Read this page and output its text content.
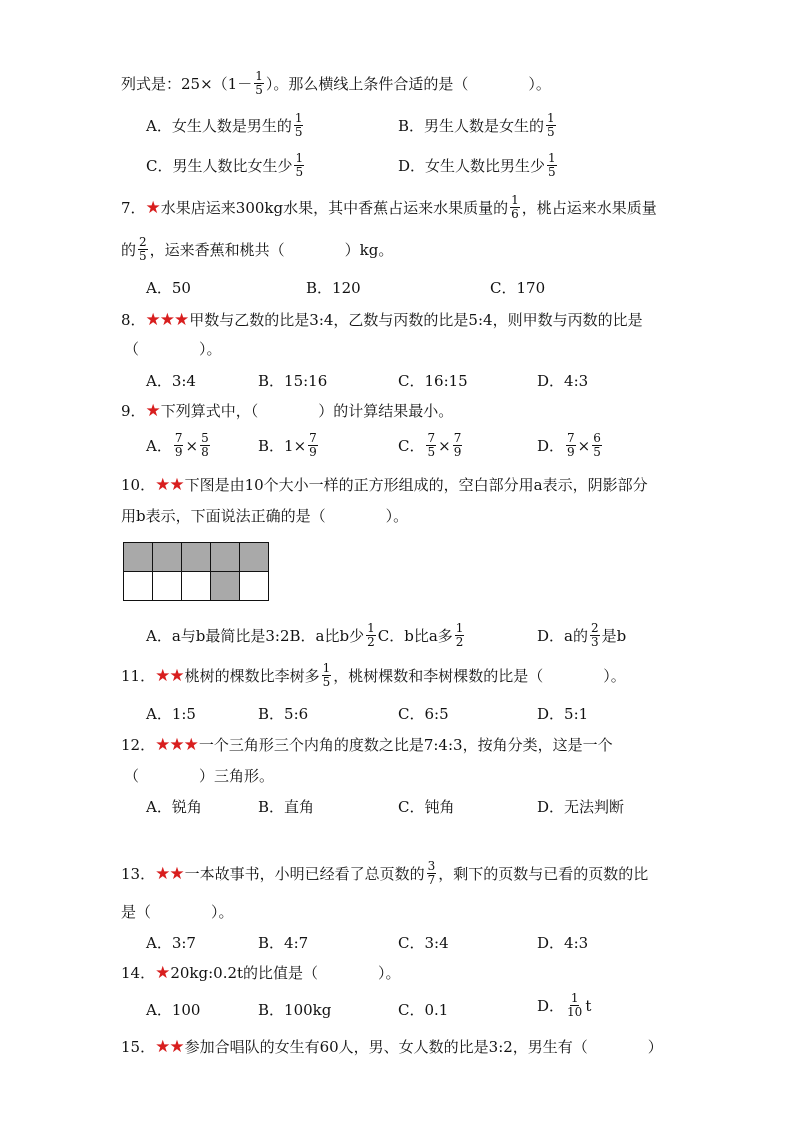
列式是：$25\times(1- \frac{1}{5}$ ）。那么横线上条件合适的是（　　　　）。
A．女生人数是男生的 $\frac{1}{5}$	B．男生人数是女生的 $\frac{1}{5}$
C．男生人数比女生少 $\frac{1}{5}$	D．女生人数比男生少 $\frac{1}{5}$
7． ★ 水果店运来300kg水果，其中香蕉占运来水果质量的 $\frac{1}{6}$ ，桃占运来水果质量
的 $\frac{2}{5}$ ，运来香蕉和桃共（　　　　）kg。
A．50	B．120	C．170
8． ★★★ 甲数与乙数的比是3:4，乙数与丙数的比是5:4，则甲数与丙数的比是
（　　　　）。
A．3:4	B．15:16	C．16:15	D．4:3
9． ★ 下列算式中，（　　　　）的计算结果最小。
A． $\frac{7}{9} \times \frac{5}{8}$	B． $1 \times \frac{7}{9}$	C． $\frac{7}{5} \times \frac{7}{9}$	D． $\frac{7}{9} \times \frac{6}{5}$
10． ★★ 下图是由10个大小一样的正方形组成的，空白部分用a表示，阴影部分
用b表示，下面说法正确的是（　　　　）。
A．a与b最简比是3:2 B．a比b少 $\frac{1}{2}$ C．b比a多 $\frac{1}{2}$	D．a的 $\frac{2}{3}$ 是b
11． ★★ 桃树的棵数比李树多 $\frac{1}{5}$ ，桃树棵数和李树棵数的比是（　　　　）。
A．1:5	B．5:6	C．6:5	D．5:1
12． ★★★ 一个三角形三个内角的度数之比是7:4:3，按角分类，这是一个
（　　　　）三角形。
A．锐角	B．直角	C．钝角	D．无法判断
13． ★★ 一本故事书，小明已经看了总页数的 $\frac{3}{7}$ ，剩下的页数与已看的页数的比
是（　　　　）。
A．3:7	B．4:7	C．3:4	D．4:3
14． ★ 20kg:0.2t的比值是（　　　　）。
A．100	B．100kg	C．0.1	D． $\frac{1}{10}$ t
15． ★★ 参加合唱队的女生有60人，男、女人数的比是3:2，男生有（　　　　）
